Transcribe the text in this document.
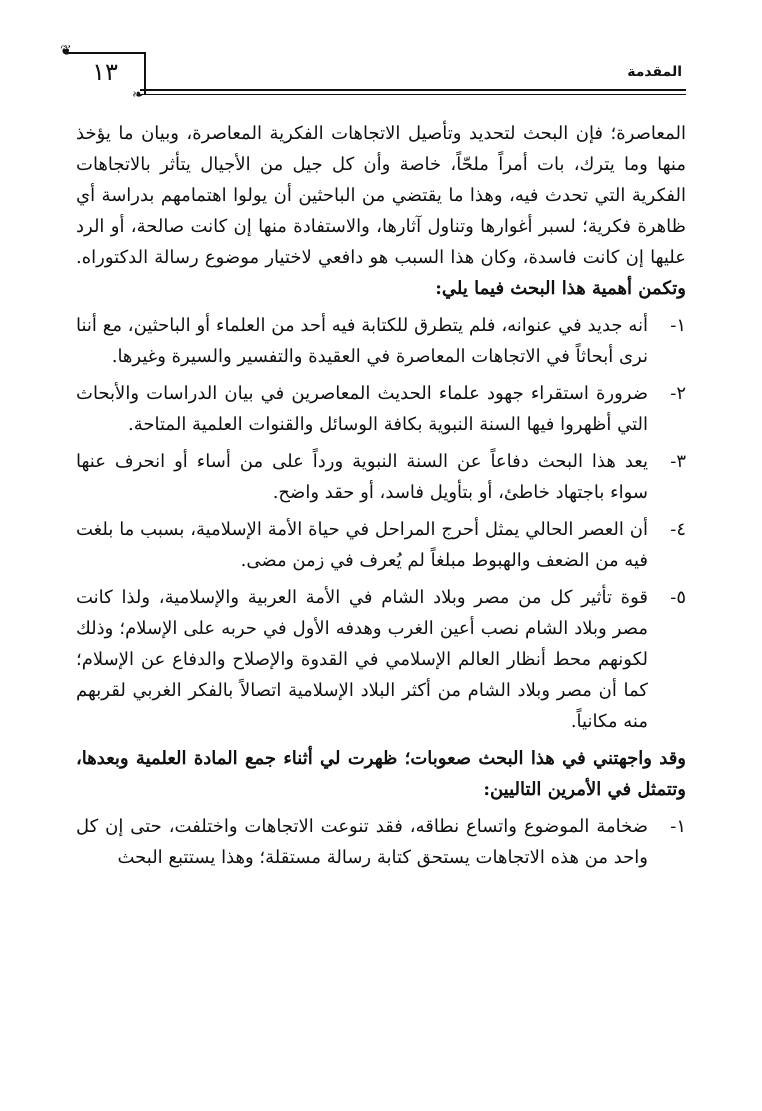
❦
١٣
❧
المقدمة

المعاصرة؛ فإن البحث لتحديد وتأصيل الاتجاهات الفكرية المعاصرة، وبيان ما يؤخذ منها وما يترك، بات أمراً ملحّاً، خاصة وأن كل جيل من الأجيال يتأثر بالاتجاهات الفكرية التي تحدث فيه، وهذا ما يقتضي من الباحثين أن يولوا اهتمامهم بدراسة أي ظاهرة فكرية؛ لسبر أغوارها وتناول آثارها، والاستفادة منها إن كانت صالحة، أو الرد عليها إن كانت فاسدة، وكان هذا السبب هو دافعي لاختيار موضوع رسالة الدكتوراه. وتكمن أهمية هذا البحث فيما يلي:

١-
أنه جديد في عنوانه، فلم يتطرق للكتابة فيه أحد من العلماء أو الباحثين، مع أننا نرى أبحاثاً في الاتجاهات المعاصرة في العقيدة والتفسير والسيرة وغيرها.
٢-
ضرورة استقراء جهود علماء الحديث المعاصرين في بيان الدراسات والأبحاث التي أظهروا فيها السنة النبوية بكافة الوسائل والقنوات العلمية المتاحة.
٣-
يعد هذا البحث دفاعاً عن السنة النبوية ورداً على من أساء أو انحرف عنها سواء باجتهاد خاطئ، أو بتأويل فاسد، أو حقد واضح.
٤-
أن العصر الحالي يمثل أحرج المراحل في حياة الأمة الإسلامية، بسبب ما بلغت فيه من الضعف والهبوط مبلغاً لم يُعرف في زمن مضى.
٥-
قوة تأثير كل من مصر وبلاد الشام في الأمة العربية والإسلامية، ولذا كانت مصر وبلاد الشام نصب أعين الغرب وهدفه الأول في حربه على الإسلام؛ وذلك لكونهم محط أنظار العالم الإسلامي في القدوة والإصلاح والدفاع عن الإسلام؛ كما أن مصر وبلاد الشام من أكثر البلاد الإسلامية اتصالاً بالفكر الغربي لقربهم منه مكانياً.

وقد واجهتني في هذا البحث صعوبات؛ ظهرت لي أثناء جمع المادة العلمية وبعدها، وتتمثل في الأمرين التاليين:

١-
ضخامة الموضوع واتساع نطاقه، فقد تنوعت الاتجاهات واختلفت، حتى إن كل واحد من هذه الاتجاهات يستحق كتابة رسالة مستقلة؛ وهذا يستتبع البحث
